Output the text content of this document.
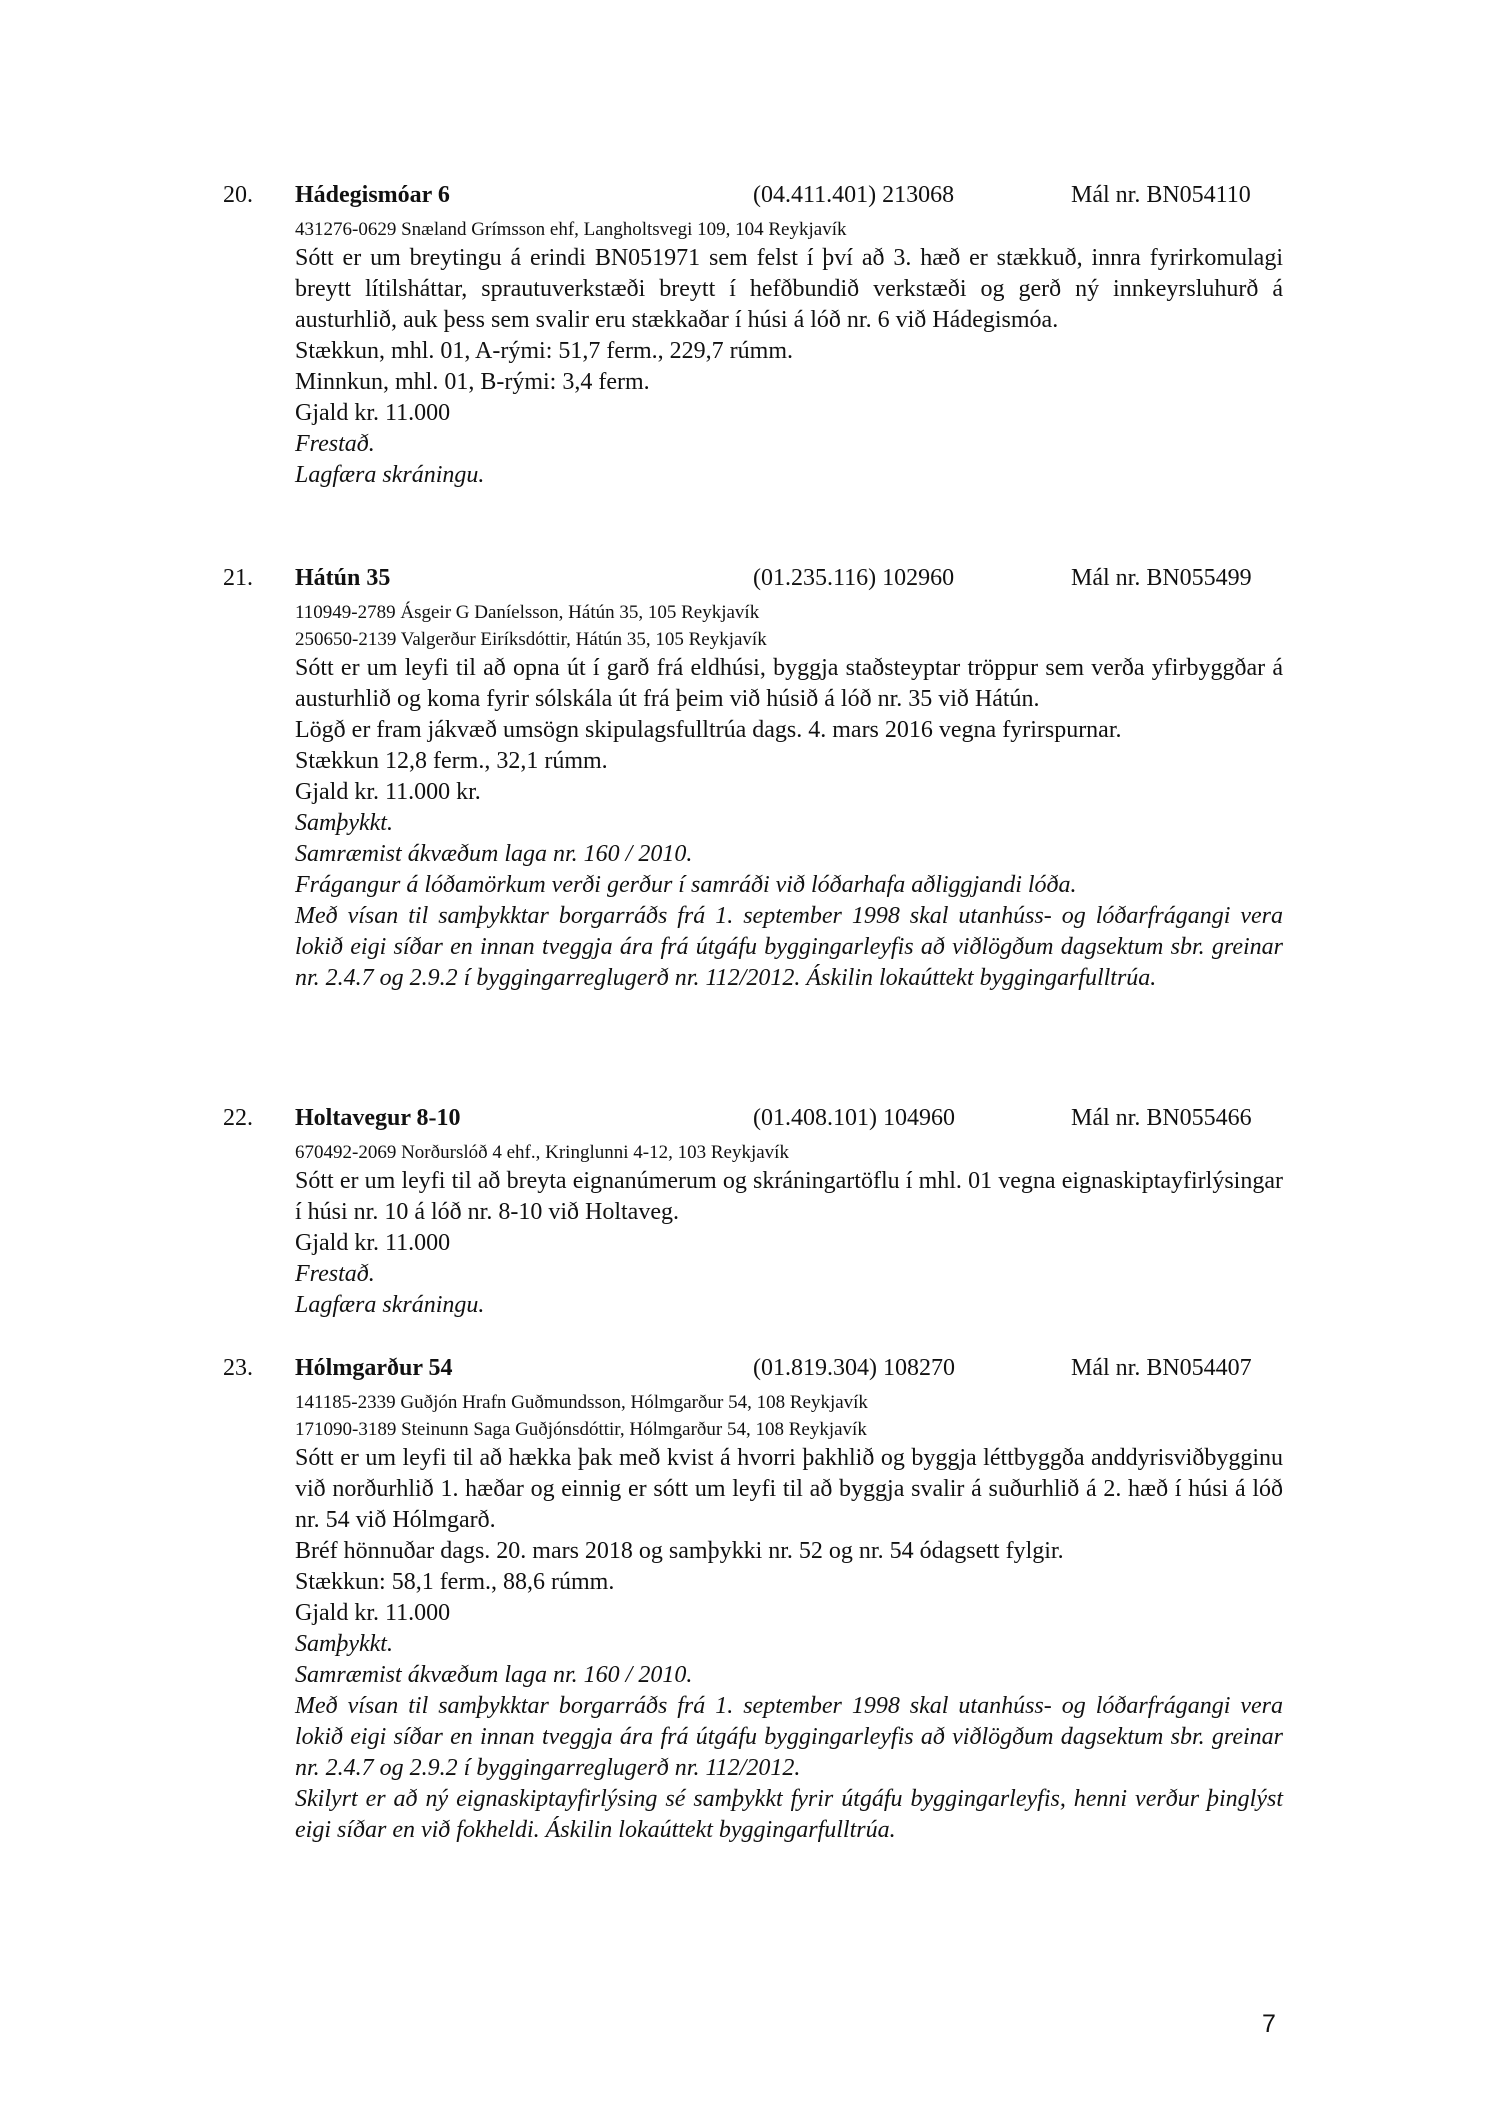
20. Hádegismóar 6	(04.411.401) 213068	Mál nr. BN054110
431276-0629 Snæland Grímsson ehf, Langholtsvegi 109, 104 Reykjavík
Sótt er um breytingu á erindi BN051971 sem felst í því að 3. hæð er stækkuð, innra fyrirkomulagi breytt lítilsháttar, sprautuverkstæði breytt í hefðbundið verkstæði og gerð ný innkeyrsluhurð á austurhlið, auk þess sem svalir eru stækkaðar í húsi á lóð nr. 6 við Hádegismóa.
Stækkun, mhl. 01, A-rými: 51,7 ferm., 229,7 rúmm.
Minnkun, mhl. 01, B-rými: 3,4 ferm.
Gjald kr. 11.000
Frestað.
Lagfæra skráningu.
21. Hátún 35	(01.235.116) 102960	Mál nr. BN055499
110949-2789 Ásgeir G Daníelsson, Hátún 35, 105 Reykjavík
250650-2139 Valgerður Eiríksdóttir, Hátún 35, 105 Reykjavík
Sótt er um leyfi til að opna út í garð frá eldhúsi, byggja staðsteyptar tröppur sem verða yfirbyggðar á austurhlið og koma fyrir sólskála út frá þeim við húsið á lóð nr. 35 við Hátún.
Lögð er fram jákvæð umsögn skipulagsfulltrúa dags. 4. mars 2016 vegna fyrirspurnar.
Stækkun 12,8 ferm., 32,1 rúmm.
Gjald kr. 11.000 kr.
Samþykkt.
Samræmist ákvæðum laga nr. 160 / 2010.
Frágangur á lóðamörkum verði gerður í samráði við lóðarhafa aðliggjandi lóða.
Með vísan til samþykktar borgarráðs frá 1. september 1998 skal utanhúss- og lóðarfrágangi vera lokið eigi síðar en innan tveggja ára frá útgáfu byggingarleyfis að viðlögðum dagsektum sbr. greinar nr. 2.4.7 og 2.9.2 í byggingarreglugerð nr. 112/2012. Áskilin lokaúttekt byggingarfulltrúa.
22. Holtavegur 8-10	(01.408.101) 104960	Mál nr. BN055466
670492-2069 Norðurslóð 4 ehf., Kringlunni 4-12, 103 Reykjavík
Sótt er um leyfi til að breyta eignanúmerum og skráningartöflu í mhl. 01 vegna eignaskiptayfirlýsingar í húsi nr. 10 á lóð nr. 8-10 við Holtaveg.
Gjald kr. 11.000
Frestað.
Lagfæra skráningu.
23. Hólmgarður 54	(01.819.304) 108270	Mál nr. BN054407
141185-2339 Guðjón Hrafn Guðmundsson, Hólmgarður 54, 108 Reykjavík
171090-3189 Steinunn Saga Guðjónsdóttir, Hólmgarður 54, 108 Reykjavík
Sótt er um leyfi til að hækka þak með kvist á hvorri þakhlið og byggja léttbyggða anddyrisviðbygginu við norðurhlið 1. hæðar og einnig er sótt um leyfi til að byggja svalir á suðurhlið á 2. hæð í húsi á lóð nr. 54 við Hólmgarð.
Bréf hönnuðar dags. 20. mars 2018 og samþykki nr. 52 og nr. 54 ódagsett fylgir.
Stækkun: 58,1 ferm., 88,6 rúmm.
Gjald kr. 11.000
Samþykkt.
Samræmist ákvæðum laga nr. 160 / 2010.
Með vísan til samþykktar borgarráðs frá 1. september 1998 skal utanhúss- og lóðarfrágangi vera lokið eigi síðar en innan tveggja ára frá útgáfu byggingarleyfis að viðlögðum dagsektum sbr. greinar nr. 2.4.7 og 2.9.2 í byggingarreglugerð nr. 112/2012.
Skilyrt er að ný eignaskiptayfirlýsing sé samþykkt fyrir útgáfu byggingarleyfis, henni verður þinglýst eigi síðar en við fokheldi. Áskilin lokaúttekt byggingarfulltrúa.
7
